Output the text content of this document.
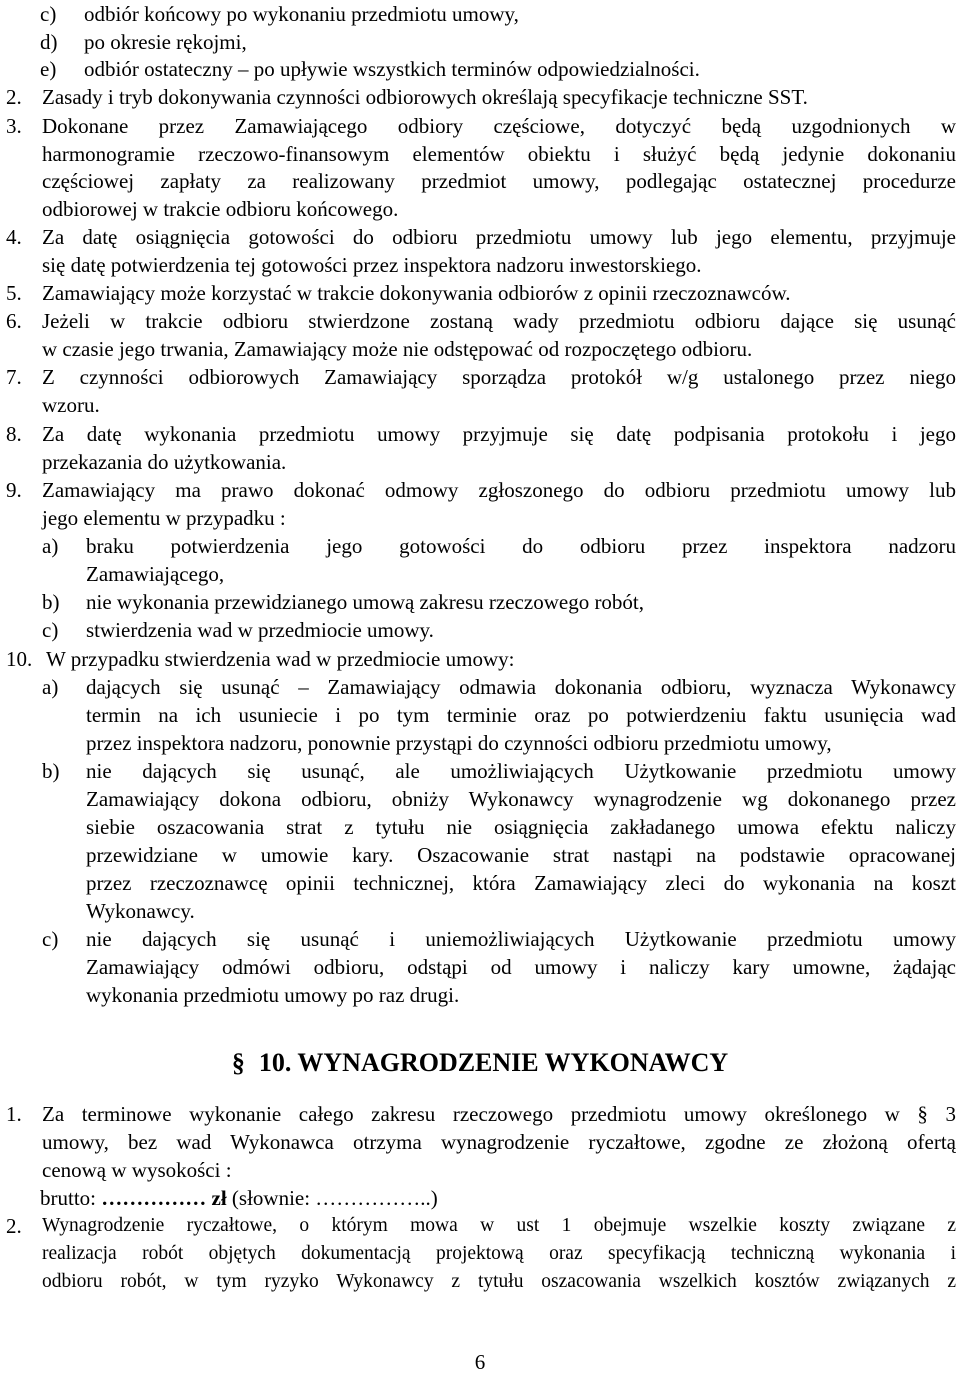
c) odbiór końcowy po wykonaniu przedmiotu umowy,
d) po okresie rękojmi,
e) odbiór ostateczny – po upływie wszystkich terminów odpowiedzialności.
2. Zasady i tryb dokonywania czynności odbiorowych określają specyfikacje techniczne SST.
3. Dokonane przez Zamawiającego odbiory częściowe, dotyczyć będą uzgodnionych w
harmonogramie rzeczowo-finansowym elementów obiektu i służyć będą jedynie dokonaniu
częściowej zapłaty za realizowany przedmiot umowy, podlegając ostatecznej procedurze
odbiorowej w trakcie odbioru końcowego.
4. Za datę osiągnięcia gotowości do odbioru przedmiotu umowy lub jego elementu, przyjmuje
się datę potwierdzenia tej gotowości przez inspektora nadzoru inwestorskiego.
5. Zamawiający może korzystać w trakcie dokonywania odbiorów z opinii rzeczoznawców.
6. Jeżeli w trakcie odbioru stwierdzone zostaną wady przedmiotu odbioru dające się usunąć
w czasie jego trwania, Zamawiający może nie odstępować od rozpoczętego odbioru.
7. Z czynności odbiorowych Zamawiający sporządza protokół w/g ustalonego przez niego
wzoru.
8. Za datę wykonania przedmiotu umowy przyjmuje się datę podpisania protokołu i jego
przekazania do użytkowania.
9. Zamawiający ma prawo dokonać odmowy zgłoszonego do odbioru przedmiotu umowy lub
jego elementu w przypadku :
a) braku potwierdzenia jego gotowości do odbioru przez inspektora nadzoru
Zamawiającego,
b) nie wykonania przewidzianego umową zakresu rzeczowego robót,
c) stwierdzenia wad w przedmiocie umowy.
10. W przypadku stwierdzenia wad w przedmiocie umowy:
a) dających się usunąć – Zamawiający odmawia dokonania odbioru, wyznacza Wykonawcy
termin na ich usuniecie i po tym terminie oraz po potwierdzeniu faktu usunięcia wad
przez inspektora nadzoru, ponownie przystąpi do czynności odbioru przedmiotu umowy,
b) nie dających się usunąć, ale umożliwiających Użytkowanie przedmiotu umowy
Zamawiający dokona odbioru, obniży Wykonawcy wynagrodzenie wg dokonanego przez
siebie oszacowania strat z tytułu nie osiągnięcia zakładanego umowa efektu naliczy
przewidziane w umowie kary. Oszacowanie strat nastąpi na podstawie opracowanej
przez rzeczoznawcę opinii technicznej, która Zamawiający zleci do wykonania na koszt
Wykonawcy.
c) nie dających się usunąć i uniemożliwiających Użytkowanie przedmiotu umowy
Zamawiający odmówi odbioru, odstąpi od umowy i naliczy kary umowne, żądając
wykonania przedmiotu umowy po raz drugi.
§ 10. WYNAGRODZENIE WYKONAWCY
1. Za terminowe wykonanie całego zakresu rzeczowego przedmiotu umowy określonego w § 3
umowy, bez wad Wykonawca otrzyma wynagrodzenie ryczałtowe, zgodne ze złożoną ofertą
cenową w wysokości :
brutto: …………… zł (słownie: ……………..)
2. Wynagrodzenie ryczałtowe, o którym mowa w ust 1 obejmuje wszelkie koszty związane z
realizacja robót objętych dokumentacją projektową oraz specyfikacją techniczną wykonania i
odbioru robót, w tym ryzyko Wykonawcy z tytułu oszacowania wszelkich kosztów związanych z
6
